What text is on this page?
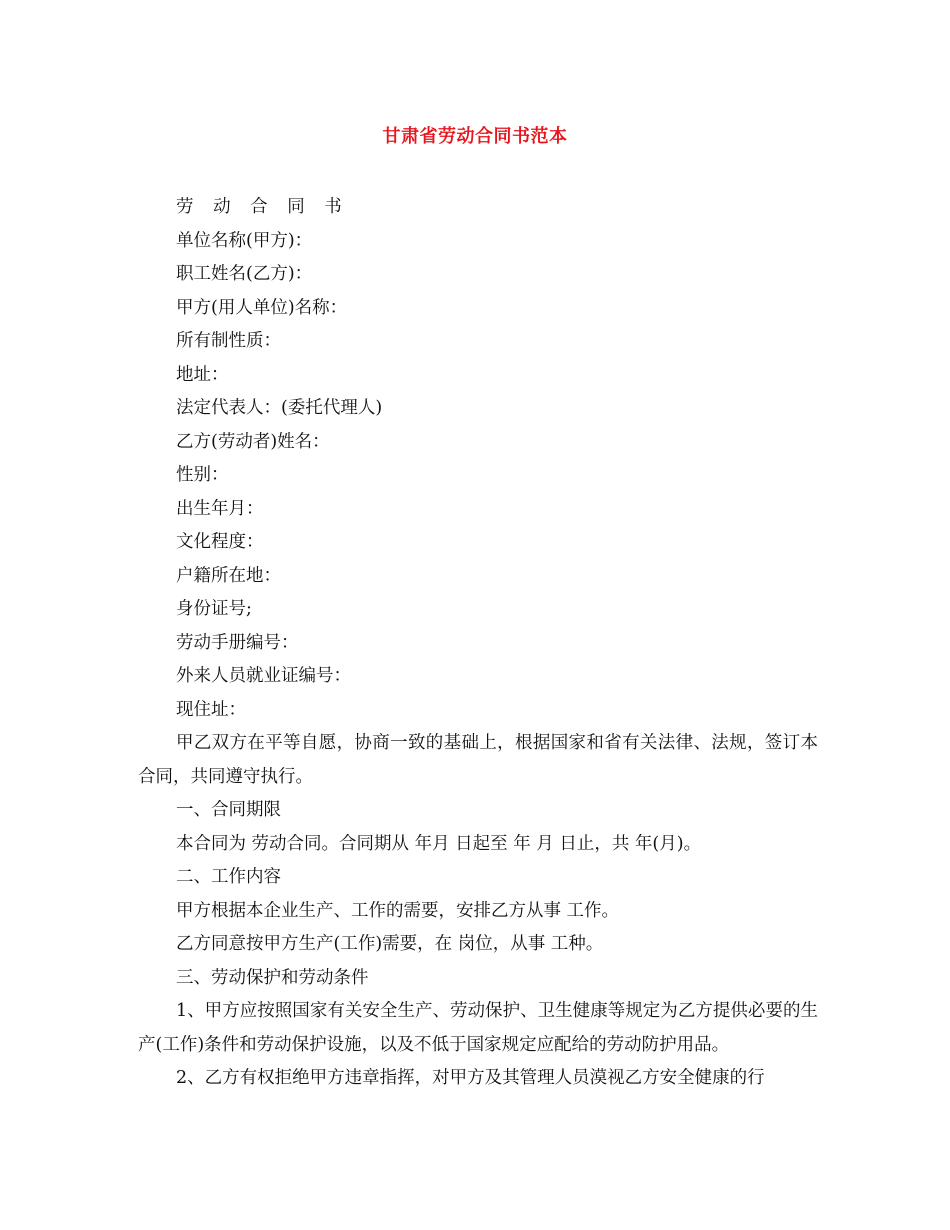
甘肃省劳动合同书范本
劳 动 合 同 书
单位名称(甲方)：
职工姓名(乙方)：
甲方(用人单位)名称：
所有制性质：
地址：
法定代表人：(委托代理人)
乙方(劳动者)姓名：
性别：
出生年月：
文化程度：
户籍所在地：
身份证号;
劳动手册编号：
外来人员就业证编号：
现住址：
甲乙双方在平等自愿，协商一致的基础上，根据国家和省有关法律、法规，签订本合同，共同遵守执行。
一、合同期限
本合同为 劳动合同。合同期从 年月 日起至 年 月 日止，共 年(月)。
二、工作内容
甲方根据本企业生产、工作的需要，安排乙方从事 工作。
乙方同意按甲方生产(工作)需要，在 岗位，从事 工种。
三、劳动保护和劳动条件
1、甲方应按照国家有关安全生产、劳动保护、卫生健康等规定为乙方提供必要的生产(工作)条件和劳动保护设施，以及不低于国家规定应配给的劳动防护用品。
2、乙方有权拒绝甲方违章指挥，对甲方及其管理人员漠视乙方安全健康的行
